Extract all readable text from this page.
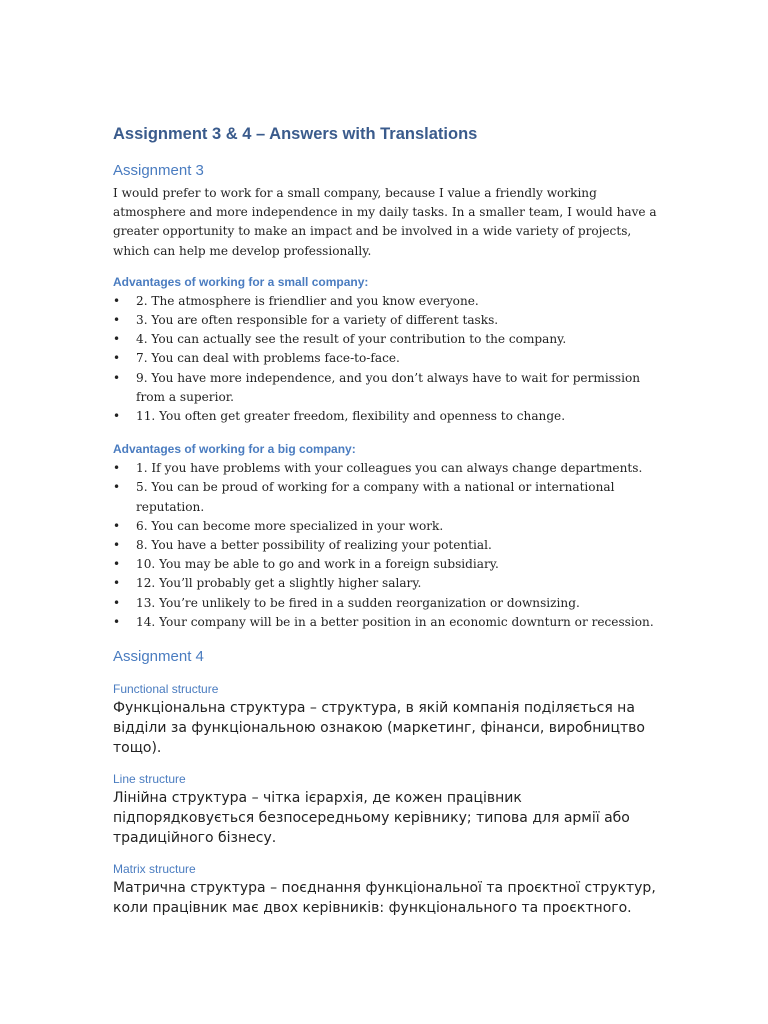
Assignment 3 & 4 – Answers with Translations
Assignment 3

I would prefer to work for a small company, because I value a friendly working atmosphere and more independence in my daily tasks. In a smaller team, I would have a greater opportunity to make an impact and be involved in a wide variety of projects, which can help me develop professionally.

Advantages of working for a small company:
• 2. The atmosphere is friendlier and you know everyone.
• 3. You are often responsible for a variety of different tasks.
• 4. You can actually see the result of your contribution to the company.
• 7. You can deal with problems face-to-face.
• 9. You have more independence, and you don’t always have to wait for permission from a superior.
• 11. You often get greater freedom, flexibility and openness to change.
Advantages of working for a big company:
• 1. If you have problems with your colleagues you can always change departments.
• 5. You can be proud of working for a company with a national or international reputation.
• 6. You can become more specialized in your work.
• 8. You have a better possibility of realizing your potential.
• 10. You may be able to go and work in a foreign subsidiary.
• 12. You’ll probably get a slightly higher salary.
• 13. You’re unlikely to be fired in a sudden reorganization or downsizing.
• 14. Your company will be in a better position in an economic downturn or recession.
Assignment 4
Functional structure

Функціональна структура – структура, в якій компанія поділяється на відділи за функціональною ознакою (маркетинг, фінанси, виробництво тощо).

Line structure

Лінійна структура – чітка ієрархія, де кожен працівник підпорядковується безпосередньому керівнику; типова для армії або традиційного бізнесу.

Matrix structure

Матрична структура – поєднання функціональної та проєктної структур, коли працівник має двох керівників: функціонального та проєктного.
